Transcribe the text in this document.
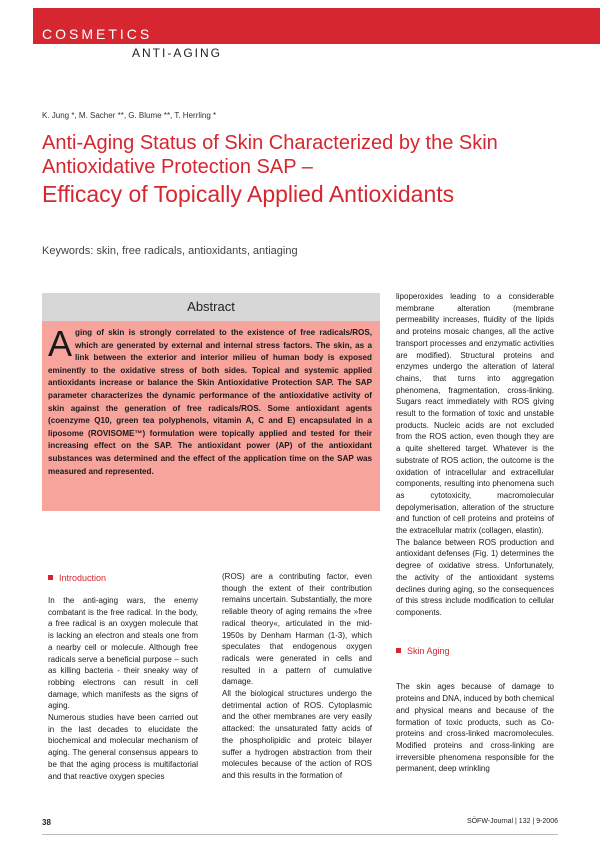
COSMETICS
ANTI-AGING
K. Jung *, M. Sacher **, G. Blume **, T. Herrling *
Anti-Aging Status of Skin Characterized by the Skin Antioxidative Protection SAP –
Efficacy of Topically Applied Antioxidants
Keywords: skin, free radicals, antioxidants, antiaging
Abstract

Aging of skin is strongly correlated to the existence of free radicals/ROS, which are generated by external and internal stress factors. The skin, as a link between the exterior and interior milieu of human body is exposed eminently to the oxidative stress of both sides. Topical and systemic applied antioxidants increase or balance the Skin Antioxidative Protection SAP. The SAP parameter characterizes the dynamic performance of the antioxidative activity of skin against the generation of free radicals/ROS. Some antioxidant agents (coenzyme Q10, green tea polyphenols, vitamin A, C and E) encapsulated in a liposome (ROVISOME™) formulation were topically applied and tested for their increasing effect on the SAP. The antioxidant power (AP) of the antioxidant substances was determined and the effect of the application time on the SAP was measured and represented.

lipoperoxides leading to a considerable membrane alteration (membrane permeability increases, fluidity of the lipids and proteins mosaic changes, all the active transport processes and enzymatic activities are modified). Structural proteins and enzymes undergo the alteration of lateral chains, that turns into aggregation phenomena, fragmentation, cross-linking. Sugars react immediately with ROS giving result to the formation of toxic and unstable products. Nucleic acids are not excluded from the ROS action, even though they are a quite sheltered target. Whatever is the substrate of ROS action, the outcome is the oxidation of intracellular and extracellular components, resulting into phenomena such as cytotoxicity, macromolecular depolymerisation, alteration of the structure and function of cell proteins and proteins of the extracellular matrix (collagen, elastin).

The balance between ROS production and antioxidant defenses (Fig. 1) determines the degree of oxidative stress. Unfortunately, the activity of the antioxidant systems declines during aging, so the consequences of this stress include modification to cellular components.

Skin Aging

The skin ages because of damage to proteins and DNA, induced by both chemical and physical means and because of the formation of toxic products, such as Co-proteins and cross-linked macromolecules. Modified proteins and cross-linking are irreversible phenomena responsible for the permanent, deep wrinkling

Introduction

In the anti-aging wars, the enemy combatant is the free radical. In the body, a free radical is an oxygen molecule that is lacking an electron and steals one from a nearby cell or molecule. Although free radicals serve a beneficial purpose – such as killing bacteria - their sneaky way of robbing electrons can result in cell damage, which manifests as the signs of aging.

Numerous studies have been carried out in the last decades to elucidate the biochemical and molecular mechanism of aging. The general consensus appears to be that the aging process is multifactorial and that reactive oxygen species

(ROS) are a contributing factor, even though the extent of their contribution remains uncertain. Substantially, the more reliable theory of aging remains the »free radical theory«, articulated in the mid-1950s by Denham Harman (1-3), which speculates that endogenous oxygen radicals were generated in cells and resulted in a pattern of cumulative damage.

All the biological structures undergo the detrimental action of ROS. Cytoplasmic and the other membranes are very easily attacked: the unsaturated fatty acids of the phospholipidic and proteic bilayer suffer a hydrogen abstraction from their molecules because of the action of ROS and this results in the formation of

38	SÖFW-Journal | 132 | 9-2006
